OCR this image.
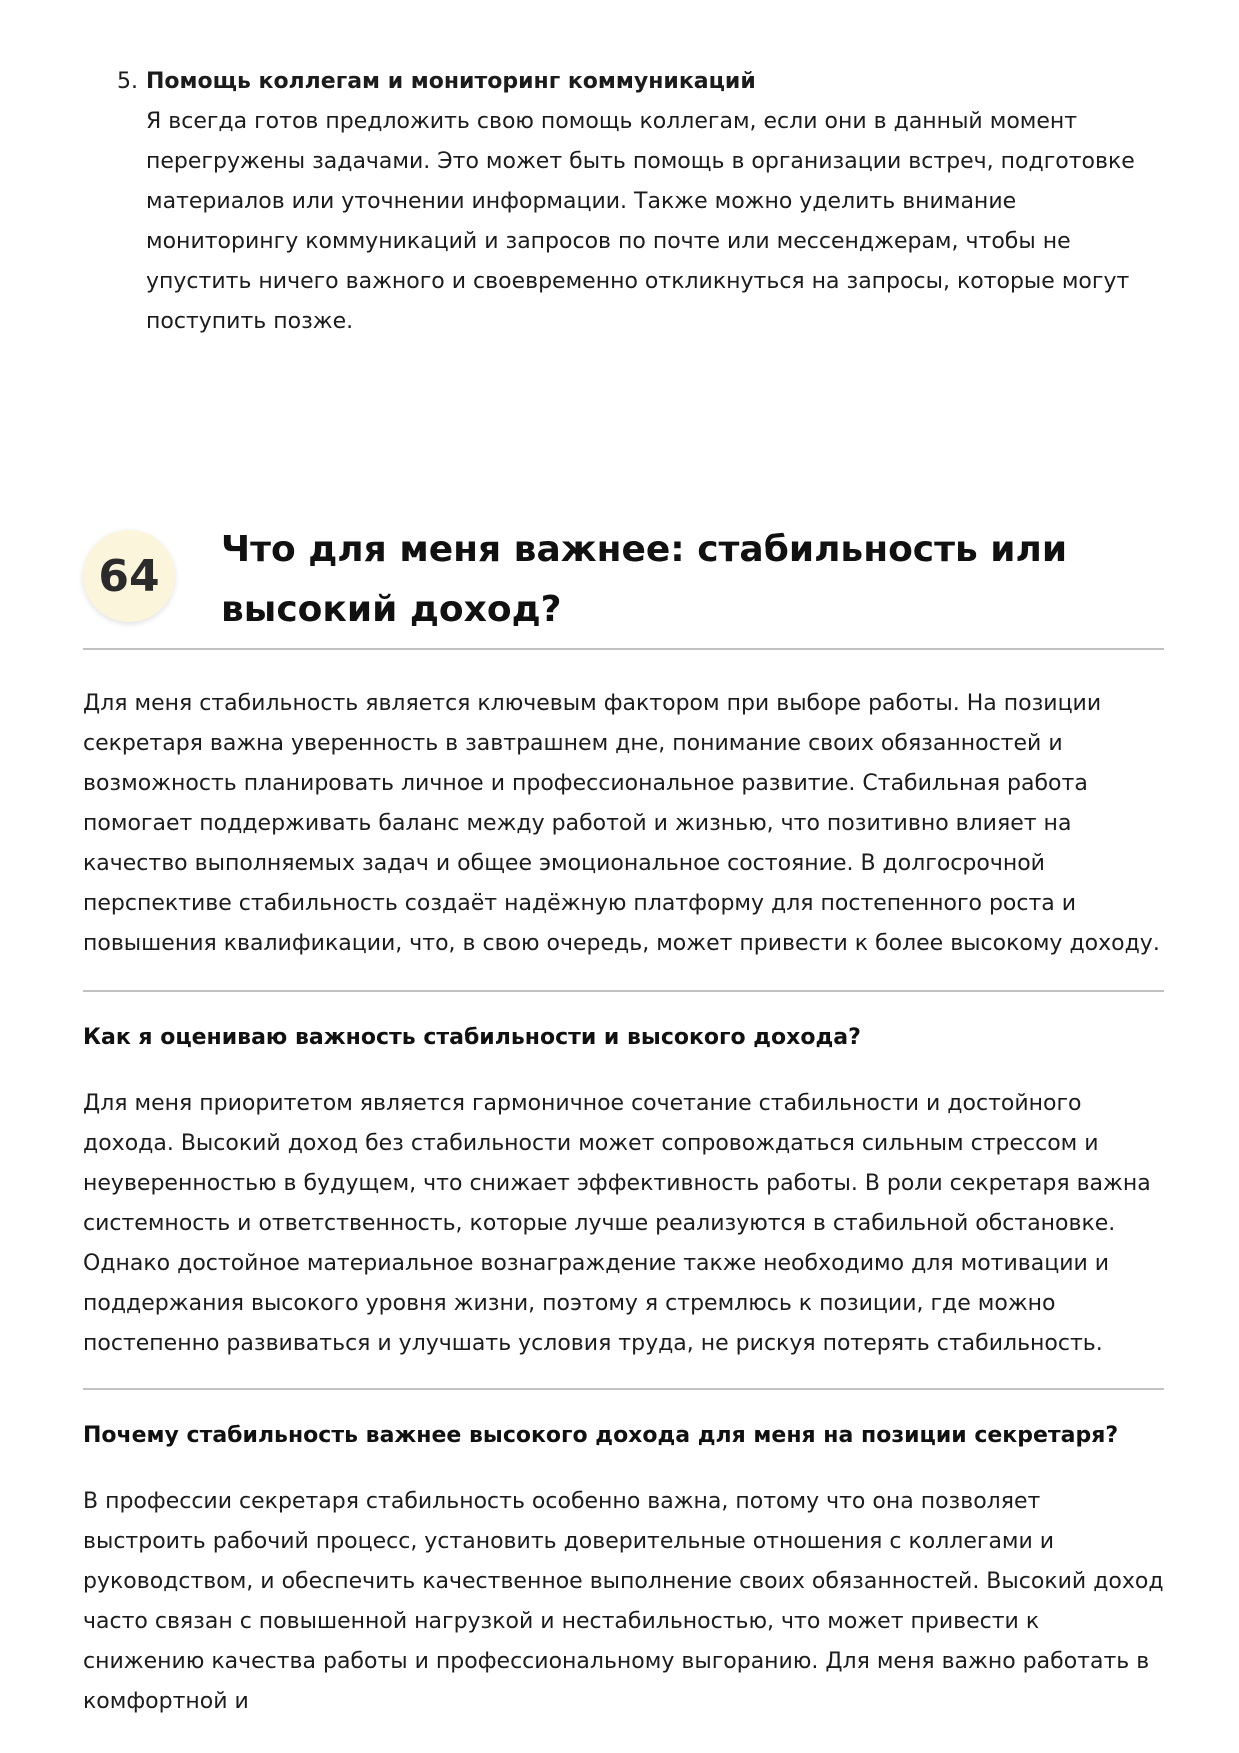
5. Помощь коллегам и мониторинг коммуникаций
Я всегда готов предложить свою помощь коллегам, если они в данный момент перегружены задачами. Это может быть помощь в организации встреч, подготовке материалов или уточнении информации. Также можно уделить внимание мониторингу коммуникаций и запросов по почте или мессенджерам, чтобы не упустить ничего важного и своевременно откликнуться на запросы, которые могут поступить позже.
64
Что для меня важнее: стабильность или высокий доход?
Для меня стабильность является ключевым фактором при выборе работы. На позиции секретаря важна уверенность в завтрашнем дне, понимание своих обязанностей и возможность планировать личное и профессиональное развитие. Стабильная работа помогает поддерживать баланс между работой и жизнью, что позитивно влияет на качество выполняемых задач и общее эмоциональное состояние. В долгосрочной перспективе стабильность создаёт надёжную платформу для постепенного роста и повышения квалификации, что, в свою очередь, может привести к более высокому доходу.
Как я оцениваю важность стабильности и высокого дохода?
Для меня приоритетом является гармоничное сочетание стабильности и достойного дохода. Высокий доход без стабильности может сопровождаться сильным стрессом и неуверенностью в будущем, что снижает эффективность работы. В роли секретаря важна системность и ответственность, которые лучше реализуются в стабильной обстановке. Однако достойное материальное вознаграждение также необходимо для мотивации и поддержания высокого уровня жизни, поэтому я стремлюсь к позиции, где можно постепенно развиваться и улучшать условия труда, не рискуя потерять стабильность.
Почему стабильность важнее высокого дохода для меня на позиции секретаря?
В профессии секретаря стабильность особенно важна, потому что она позволяет выстроить рабочий процесс, установить доверительные отношения с коллегами и руководством, и обеспечить качественное выполнение своих обязанностей. Высокий доход часто связан с повышенной нагрузкой и нестабильностью, что может привести к снижению качества работы и профессиональному выгоранию. Для меня важно работать в комфортной и
